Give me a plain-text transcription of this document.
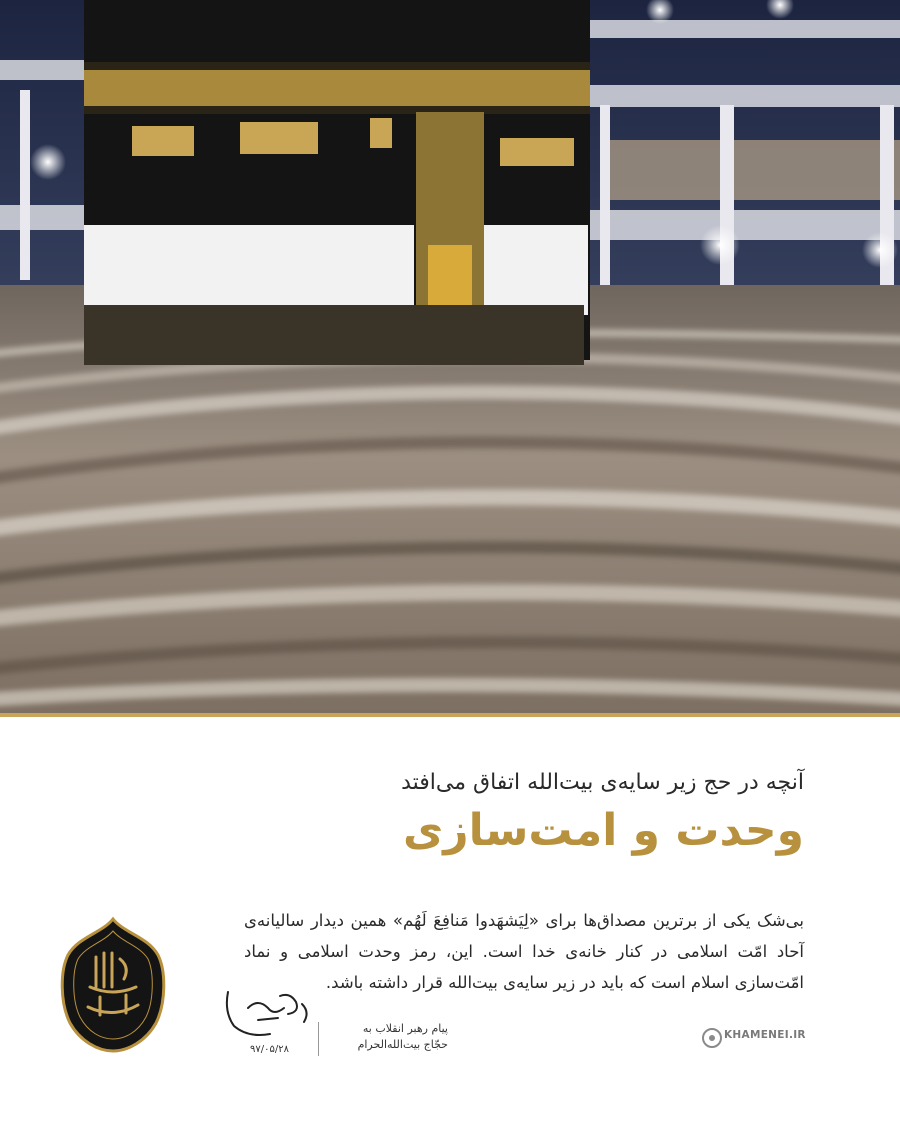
آنچه در حج زیر سایه‌ی بیت‌الله اتفاق می‌افتد
وحدت و امت‌سازی
بی‌شک یکی از برترین مصداق‌ها برای «لِیَشهَدوا مَنافِعَ لَهُم» همین دیدار سالیانه‌ی آحاد امّت اسلامی در کنار خانه‌ی خدا است. این، رمز وحدت اسلامی و نماد امّت‌سازی اسلام است که باید در زیر سایه‌ی بیت‌الله قرار داشته باشد.
پیام رهبر انقلاب به
حجّاج بیت‌الله‌الحرام
۹۷/۰۵/۲۸
KHAMENEI.IR
